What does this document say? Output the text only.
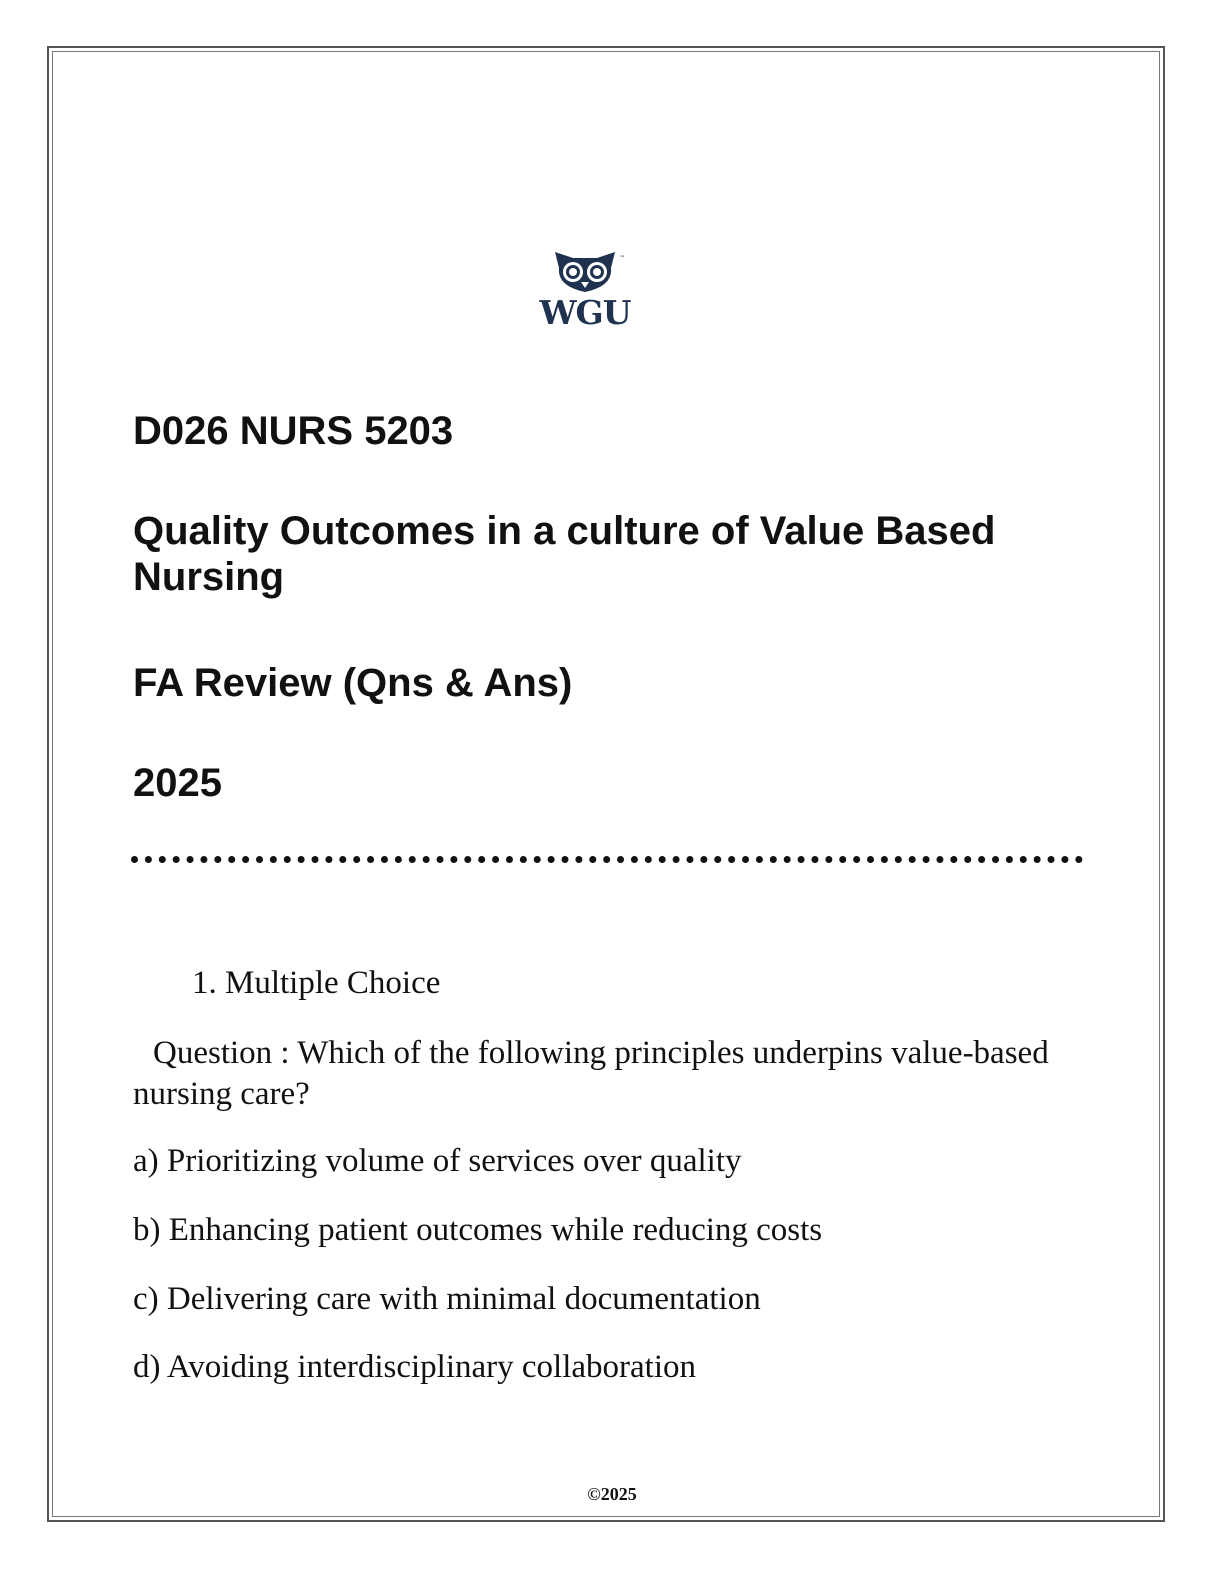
™
WGU
D026 NURS 5203
Quality Outcomes in a culture of Value Based Nursing
FA Review (Qns & Ans)
2025

1. Multiple Choice

Question : Which of the following principles underpins value-based nursing care?

a) Prioritizing volume of services over quality

b) Enhancing patient outcomes while reducing costs

c) Delivering care with minimal documentation

d) Avoiding interdisciplinary collaboration

©2025
